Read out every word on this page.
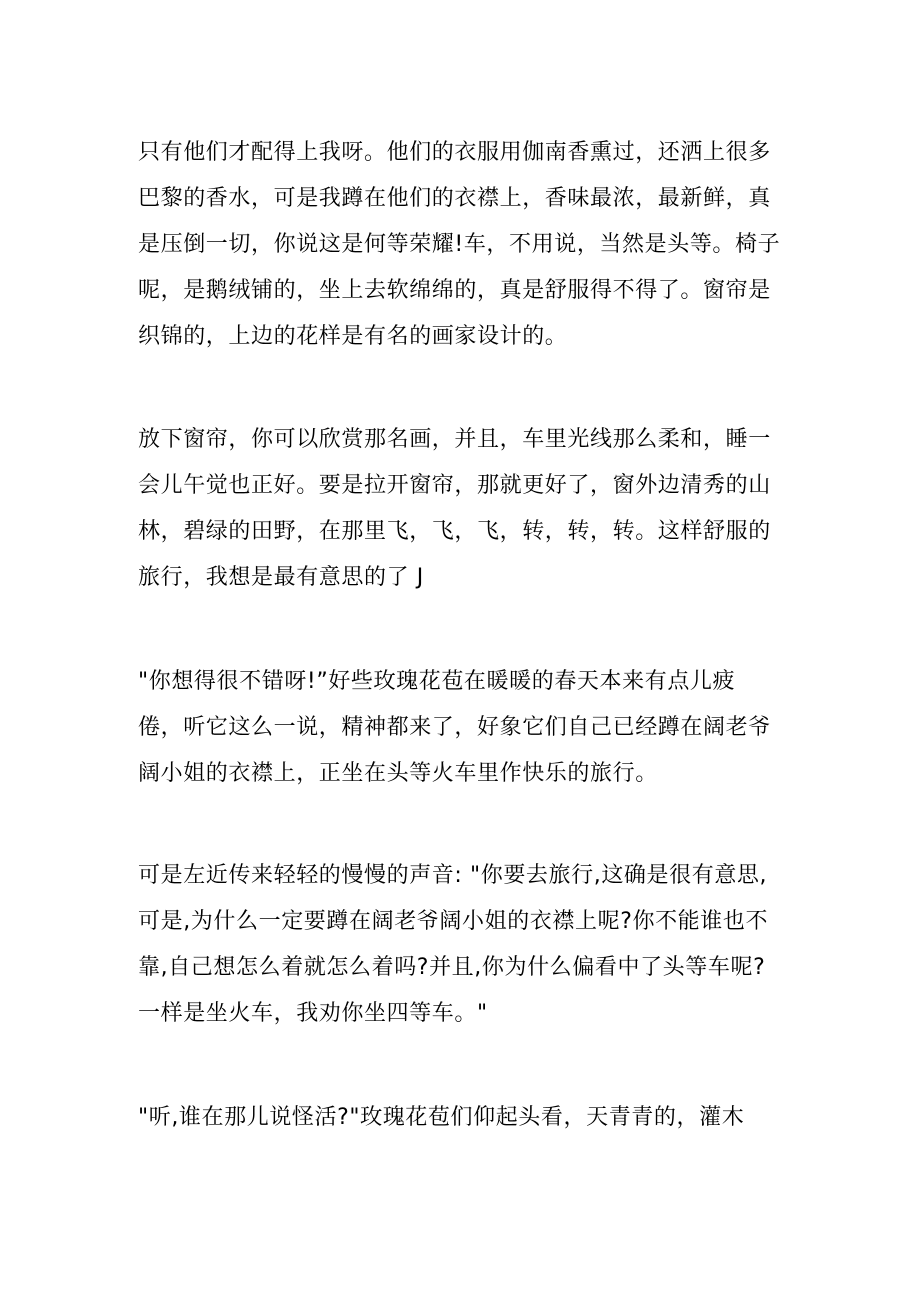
只有他们才配得上我呀。他们的衣服用伽南香熏过，还洒上很多
巴黎的香水，可是我蹲在他们的衣襟上，香味最浓，最新鲜，真
是压倒一切，你说这是何等荣耀!车，不用说，当然是头等。椅子
呢，是鹅绒铺的，坐上去软绵绵的，真是舒服得不得了。窗帘是
织锦的，上边的花样是有名的画家设计的。

放下窗帘，你可以欣赏那名画，并且，车里光线那么柔和，睡一
会儿午觉也正好。要是拉开窗帘，那就更好了，窗外边清秀的山
林，碧绿的田野，在那里飞，飞，飞，转，转，转。这样舒服的
旅行，我想是最有意思的了 J

"你想得很不错呀!”好些玫瑰花苞在暖暖的春天本来有点儿疲
倦，听它这么一说，精神都来了，好象它们自己已经蹲在阔老爷
阔小姐的衣襟上，正坐在头等火车里作快乐的旅行。

可是左近传来轻轻的慢慢的声音: "你要去旅行,这确是很有意思,
可是,为什么一定要蹲在阔老爷阔小姐的衣襟上呢?你不能谁也不
靠,自己想怎么着就怎么着吗?并且,你为什么偏看中了头等车呢?
一样是坐火车，我劝你坐四等车。"

"听,谁在那儿说怪活?"玫瑰花苞们仰起头看，天青青的，灌木
